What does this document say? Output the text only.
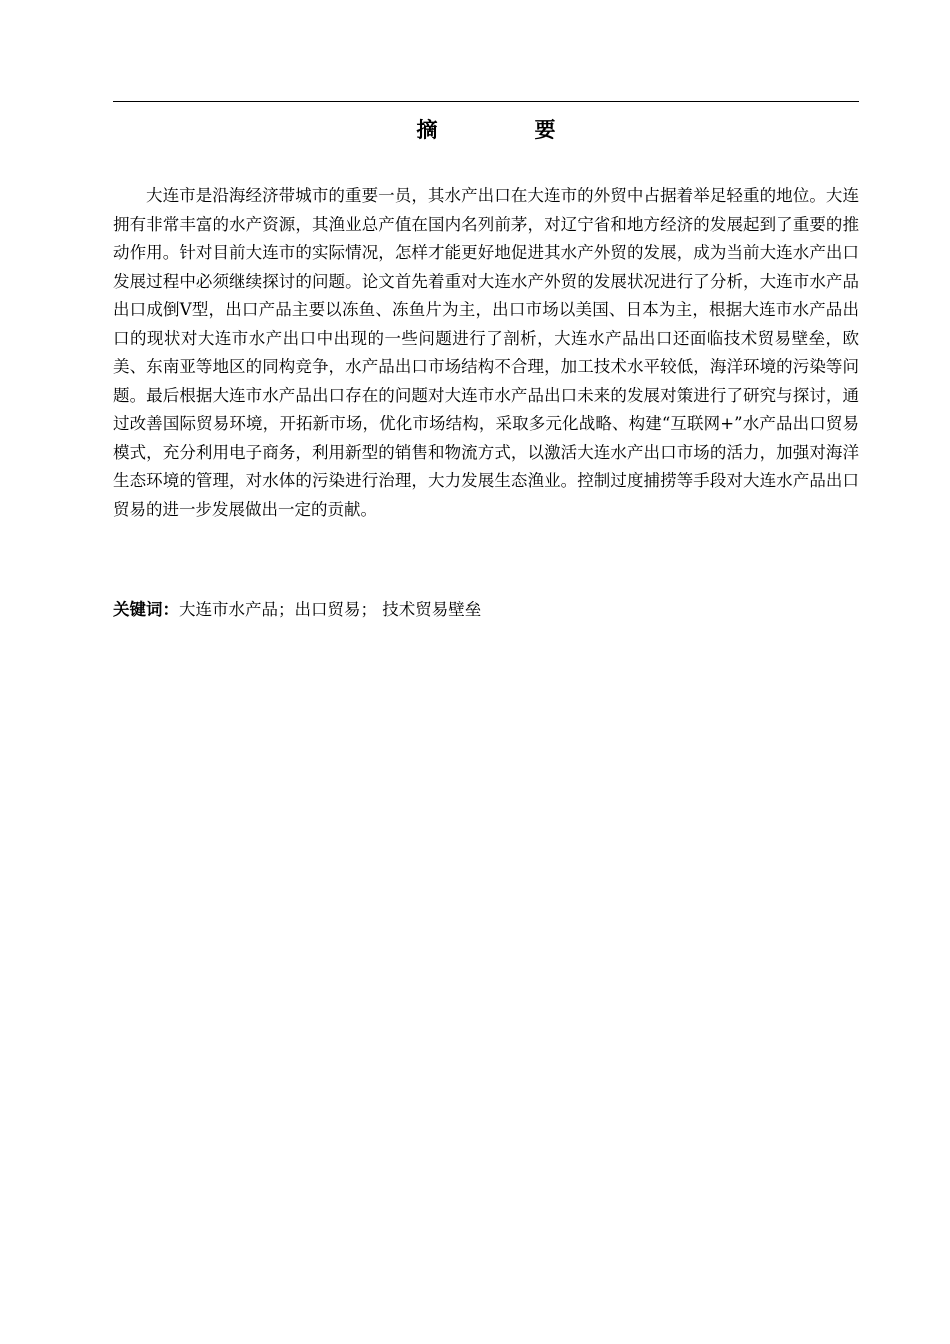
摘　要

大连市是沿海经济带城市的重要一员，其水产出口在大连市的外贸中占据着举足轻重的地位。大连拥有非常丰富的水产资源，其渔业总产值在国内名列前茅，对辽宁省和地方经济的发展起到了重要的推动作用。针对目前大连市的实际情况，怎样才能更好地促进其水产外贸的发展，成为当前大连水产出口发展过程中必须继续探讨的问题。论文首先着重对大连水产外贸的发展状况进行了分析，大连市水产品出口成倒V型，出口产品主要以冻鱼、冻鱼片为主，出口市场以美国、日本为主，根据大连市水产品出口的现状对大连市水产出口中出现的一些问题进行了剖析，大连水产品出口还面临技术贸易壁垒，欧美、东南亚等地区的同构竞争，水产品出口市场结构不合理，加工技术水平较低，海洋环境的污染等问题。最后根据大连市水产品出口存在的问题对大连市水产品出口未来的发展对策进行了研究与探讨，通过改善国际贸易环境，开拓新市场，优化市场结构，采取多元化战略、构建“互联网+”水产品出口贸易模式，充分利用电子商务，利用新型的销售和物流方式，以激活大连水产出口市场的活力，加强对海洋生态环境的管理，对水体的污染进行治理，大力发展生态渔业。控制过度捕捞等手段对大连水产品出口贸易的进一步发展做出一定的贡献。

关键词：大连市水产品；出口贸易； 技术贸易壁垒
